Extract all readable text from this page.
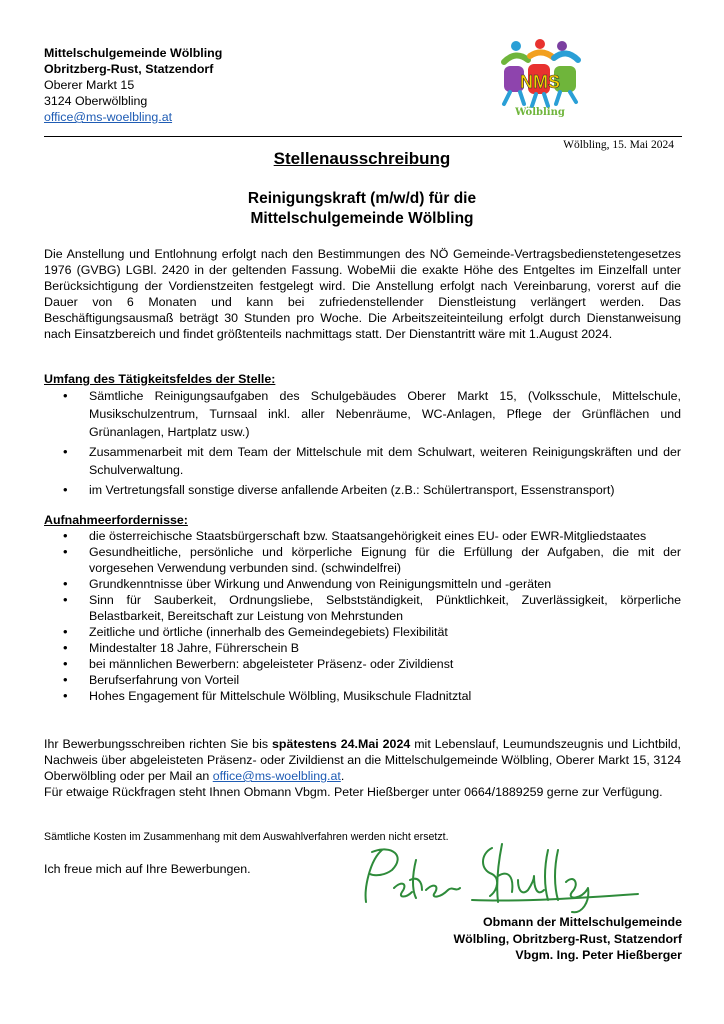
Mittelschulgemeinde Wölbling
Obritzberg-Rust, Statzendorf
Oberer Markt 15
3124 Oberwölbling
office@ms-woelbling.at
NMS
Wölbling
Wölbling, 15. Mai 2024
Stellenausschreibung
Reinigungskraft (m/w/d) für die
Mittelschulgemeinde Wölbling

Die Anstellung und Entlohnung erfolgt nach den Bestimmungen des NÖ Gemeinde-Vertragsbedienstetengesetzes 1976 (GVBG) LGBl. 2420 in der geltenden Fassung. WobeMii die exakte Höhe des Entgeltes im Einzelfall unter Berücksichtigung der Vordienstzeiten festgelegt wird. Die Anstellung erfolgt nach Vereinbarung, vorerst auf die Dauer von 6 Monaten und kann bei zufriedenstellender Dienstleistung verlängert werden. Das Beschäftigungsausmaß beträgt 30 Stunden pro Woche. Die Arbeitszeiteinteilung erfolgt durch Dienstanweisung nach Einsatzbereich und findet größtenteils nachmittags statt. Der Dienstantritt wäre mit 1.August 2024.

Umfang des Tätigkeitsfeldes der Stelle:
• Sämtliche Reinigungsaufgaben des Schulgebäudes Oberer Markt 15, (Volksschule, Mittelschule, Musikschulzentrum, Turnsaal inkl. aller Nebenräume, WC-Anlagen, Pflege der Grünflächen und Grünanlagen, Hartplatz usw.)
• Zusammenarbeit mit dem Team der Mittelschule mit dem Schulwart, weiteren Reinigungskräften und der Schulverwaltung.
• im Vertretungsfall sonstige diverse anfallende Arbeiten (z.B.: Schülertransport, Essenstransport)
Aufnahmeerfordernisse:
• die österreichische Staatsbürgerschaft bzw. Staatsangehörigkeit eines EU- oder EWR-Mitgliedstaates
• Gesundheitliche, persönliche und körperliche Eignung für die Erfüllung der Aufgaben, die mit der vorgesehen Verwendung verbunden sind. (schwindelfrei)
• Grundkenntnisse über Wirkung und Anwendung von Reinigungsmitteln und -geräten
• Sinn für Sauberkeit, Ordnungsliebe, Selbstständigkeit, Pünktlichkeit, Zuverlässigkeit, körperliche Belastbarkeit, Bereitschaft zur Leistung von Mehrstunden
• Zeitliche und örtliche (innerhalb des Gemeindegebiets) Flexibilität
• Mindestalter 18 Jahre, Führerschein B
• bei männlichen Bewerbern: abgeleisteter Präsenz- oder Zivildienst
• Berufserfahrung von Vorteil
• Hohes Engagement für Mittelschule Wölbling, Musikschule Fladnitztal
Ihr Bewerbungsschreiben richten Sie bis spätestens 24.Mai 2024 mit Lebenslauf, Leumundszeugnis und Lichtbild, Nachweis über abgeleisteten Präsenz- oder Zivildienst an die Mittelschulgemeinde Wölbling, Oberer Markt 15, 3124 Oberwölbling oder per Mail an office@ms-woelbling.at.
Für etwaige Rückfragen steht Ihnen Obmann Vbgm. Peter Hießberger unter 0664/1889259 gerne zur Verfügung.
Sämtliche Kosten im Zusammenhang mit dem Auswahlverfahren werden nicht ersetzt.
Ich freue mich auf Ihre Bewerbungen.
Obmann der Mittelschulgemeinde
Wölbling, Obritzberg-Rust, Statzendorf
Vbgm. Ing. Peter Hießberger
